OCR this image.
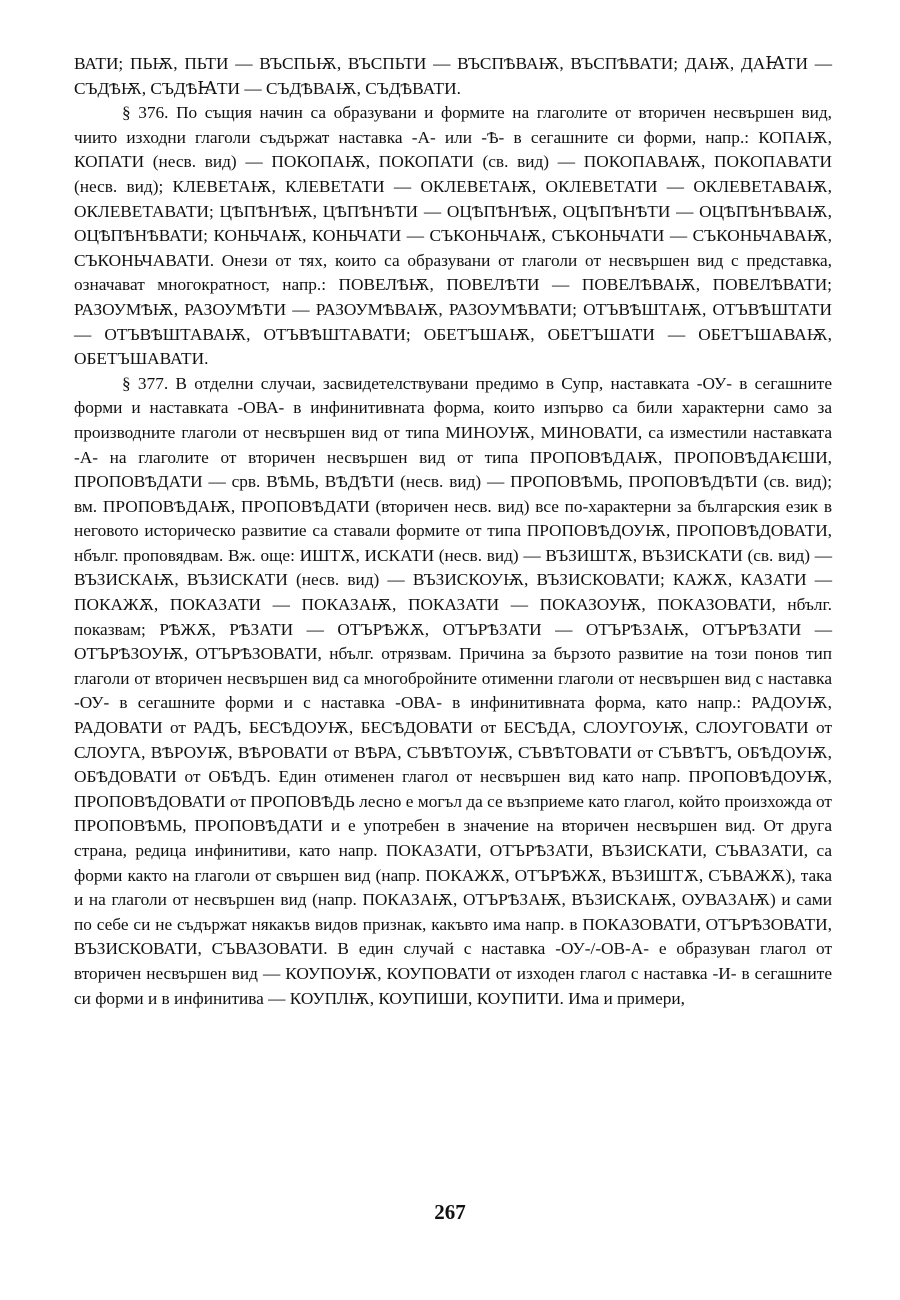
ВАТИ; ПЬѬ, ПЬТИ — ВЪСПЬѬ, ВЪСПЬТИ — ВЪСПѢВАѬ, ВЪСПѢВАТИ; ДАѬ, ДАꙖТИ — СЪДѢѬ, СЪДѢꙖТИ — СЪДѢВАѬ, СЪДѢВАТИ.

§ 376. По същия начин са образувани и формите на глаголите от вторичен несвършен вид, чиито изходни глаголи съдържат наставка -А- или -Ѣ- в сегашните си форми, напр.: КОПАѬ, КОПАТИ (несв. вид) — ПОКОПАѬ, ПОКОПАТИ (св. вид) — ПОКОПАВАѬ, ПОКОПАВАТИ (несв. вид); КЛЕВЕТАѬ, КЛЕВЕТАТИ — ОКЛЕВЕТАѬ, ОКЛЕВЕТАТИ — ОКЛЕВЕТАВАѬ, ОКЛЕВЕТАВАТИ; ЦѢПѢНѢѬ, ЦѢПѢНѢТИ — ОЦѢПѢНѢѬ, ОЦѢПѢНѢТИ — ОЦѢПѢНѢВАѬ, ОЦѢПѢНѢВАТИ; КОНЬЧАѬ, КОНЬЧАТИ — СЪКОНЬЧАѬ, СЪКОНЬЧАТИ — СЪКОНЬЧАВАѬ, СЪКОНЬЧАВАТИ. Онези от тях, които са образувани от глаголи от несвършен вид с представка, означават многократност, напр.: ПОВЕЛѢѬ, ПОВЕЛѢТИ — ПОВЕЛѢВАѬ, ПОВЕЛѢВАТИ; РАЗОУМѢѬ, РАЗОУМѢТИ — РАЗОУМѢВАѬ, РАЗОУМѢВАТИ; ОТЪВѢШТАѬ, ОТЪВѢШТАТИ — ОТЪВѢШТАВАѬ, ОТЪВѢШТАВАТИ; ОБЕТЪШАѬ, ОБЕТЪШАТИ — ОБЕТЪШАВАѬ, ОБЕТЪШАВАТИ.

§ 377. В отделни случаи, засвидетелствувани предимо в Супр, наставката -ОУ- в сегашните форми и наставката -ОВА- в инфинитивната форма, които изпърво са били характерни само за производните глаголи от несвършен вид от типа МИНОУѬ, МИНОВАТИ, са изместили наставката -А- на глаголите от вторичен несвършен вид от типа ПРОПОВѢДАѬ, ПРОПОВѢДАѤШИ, ПРОПОВѢДАТИ — срв. ВѢМЬ, ВѢДѢТИ (несв. вид) — ПРОПОВѢМЬ, ПРОПОВѢДѢТИ (св. вид); вм. ПРОПОВѢДАѬ, ПРОПОВѢДАТИ (вторичен несв. вид) все по-характерни за българския език в неговото историческо развитие са ставали формите от типа ПРОПОВѢДОУѬ, ПРОПОВѢДОВАТИ, нбълг. проповядвам. Вж. още: ИШТѪ, ИСКАТИ (несв. вид) — ВЪЗИШТѪ, ВЪЗИСКАТИ (св. вид) — ВЪЗИСКАѬ, ВЪЗИСКАТИ (несв. вид) — ВЪЗИСКОУѬ, ВЪЗИСКОВАТИ; КАЖѪ, КАЗАТИ — ПОКАЖѪ, ПОКАЗАТИ — ПОКАЗАѬ, ПОКАЗАТИ — ПОКАЗОУѬ, ПОКАЗОВАТИ, нбълг. показвам; РѢЖѪ, РѢЗАТИ — ОТЪРѢЖѪ, ОТЪРѢЗАТИ — ОТЪРѢЗАѬ, ОТЪРѢЗАТИ — ОТЪРѢЗОУѬ, ОТЪРѢЗОВАТИ, нбълг. отрязвам. Причина за бързото развитие на този понов тип глаголи от вторичен несвършен вид са многобройните отименни глаголи от несвършен вид с наставка -ОУ- в сегашните форми и с наставка -ОВА- в инфинитивната форма, като напр.: РАДОУѬ, РАДОВАТИ от РАДЪ, БЕСѢДОУѬ, БЕСѢДОВАТИ от БЕСѢДА, СЛОУГОУѬ, СЛОУГОВАТИ от СЛОУГА, ВѢРОУѬ, ВѢРОВАТИ от ВѢРА, СЪВѢТОУѬ, СЪВѢТОВАТИ от СЪВѢТЪ, ОБѢДОУѬ, ОБѢДОВАТИ от ОБѢДЪ. Един отименен глагол от несвършен вид като напр. ПРОПОВѢДОУѬ, ПРОПОВѢДОВАТИ от ПРОПОВѢДЬ лесно е могъл да се възприеме като глагол, който произхожда от ПРОПОВѢМЬ, ПРОПОВѢДАТИ и е употребен в значение на вторичен несвършен вид. От друга страна, редица инфинитиви, като напр. ПОКАЗАТИ, ОТЪРѢЗАТИ, ВЪЗИСКАТИ, СЪВАЗАТИ, са форми както на глаголи от свършен вид (напр. ПОКАЖѪ, ОТЪРѢЖѪ, ВЪЗИШТѪ, СЪВАЖѪ), така и на глаголи от несвършен вид (напр. ПОКАЗАѬ, ОТЪРѢЗАѬ, ВЪЗИСКАѬ, ОУВАЗАѬ) и сами по себе си не съдържат някакъв видов признак, какъвто има напр. в ПОКАЗОВАТИ, ОТЪРѢЗОВАТИ, ВЪЗИСКОВАТИ, СЪВАЗОВАТИ. В един случай с наставка -ОУ-/-ОВ-А- е образуван глагол от вторичен несвършен вид — КОУПОУѬ, КОУПОВАТИ от изходен глагол с наставка -И- в сегашните си форми и в инфинитива — КОУПЛѬ, КОУПИШИ, КОУПИТИ. Има и примери,

267
